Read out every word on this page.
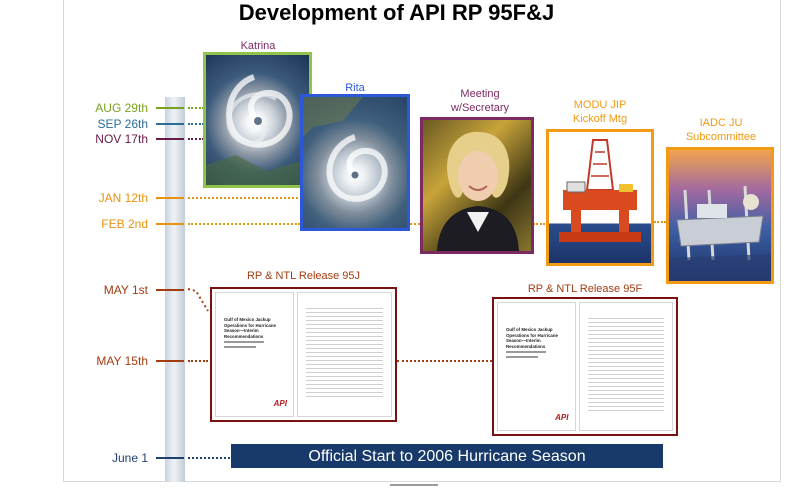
Development of API RP 95F&J
AUG 29th
SEP 26th
NOV 17th
JAN 12th
FEB 2nd
MAY 1st
MAY 15th
June 1
Katrina
Rita	Meeting
w/Secretary	MODU JIP
Kickoff Mtg	IADC JU
Subcommittee
Gulf of Mexico Jackup Operations for Hurricane Season—Interim Recommendations
API
RP & NTL Release 95J
Gulf of Mexico Jackup Operations for Hurricane Season—Interim Recommendations
API
RP & NTL Release 95F
Official Start to 2006 Hurricane Season
